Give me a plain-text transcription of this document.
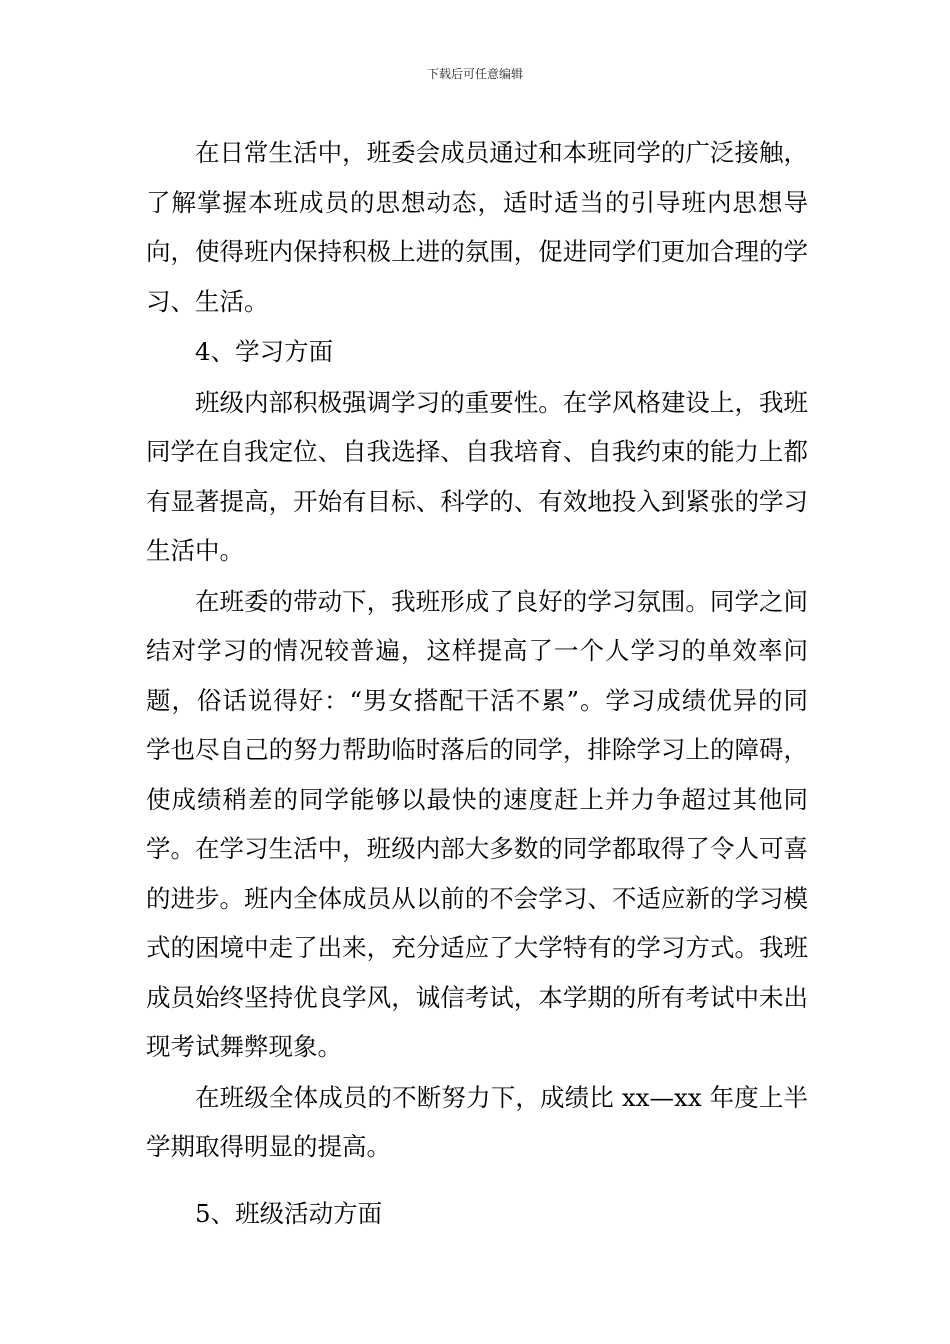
下载后可任意编辑

在日常生活中，班委会成员通过和本班同学的广泛接触，了解掌握本班成员的思想动态，适时适当的引导班内思想导向，使得班内保持积极上进的氛围，促进同学们更加合理的学习、生活。

4、学习方面

班级内部积极强调学习的重要性。在学风格建设上，我班同学在自我定位、自我选择、自我培育、自我约束的能力上都有显著提高，开始有目标、科学的、有效地投入到紧张的学习生活中。

在班委的带动下，我班形成了良好的学习氛围。同学之间结对学习的情况较普遍，这样提高了一个人学习的单效率问题，俗话说得好：“男女搭配干活不累”。学习成绩优异的同学也尽自己的努力帮助临时落后的同学，排除学习上的障碍，使成绩稍差的同学能够以最快的速度赶上并力争超过其他同学。在学习生活中，班级内部大多数的同学都取得了令人可喜的进步。班内全体成员从以前的不会学习、不适应新的学习模式的困境中走了出来，充分适应了大学特有的学习方式。我班成员始终坚持优良学风，诚信考试，本学期的所有考试中未出现考试舞弊现象。

在班级全体成员的不断努力下，成绩比 xx—xx 年度上半学期取得明显的提高。

5、班级活动方面
